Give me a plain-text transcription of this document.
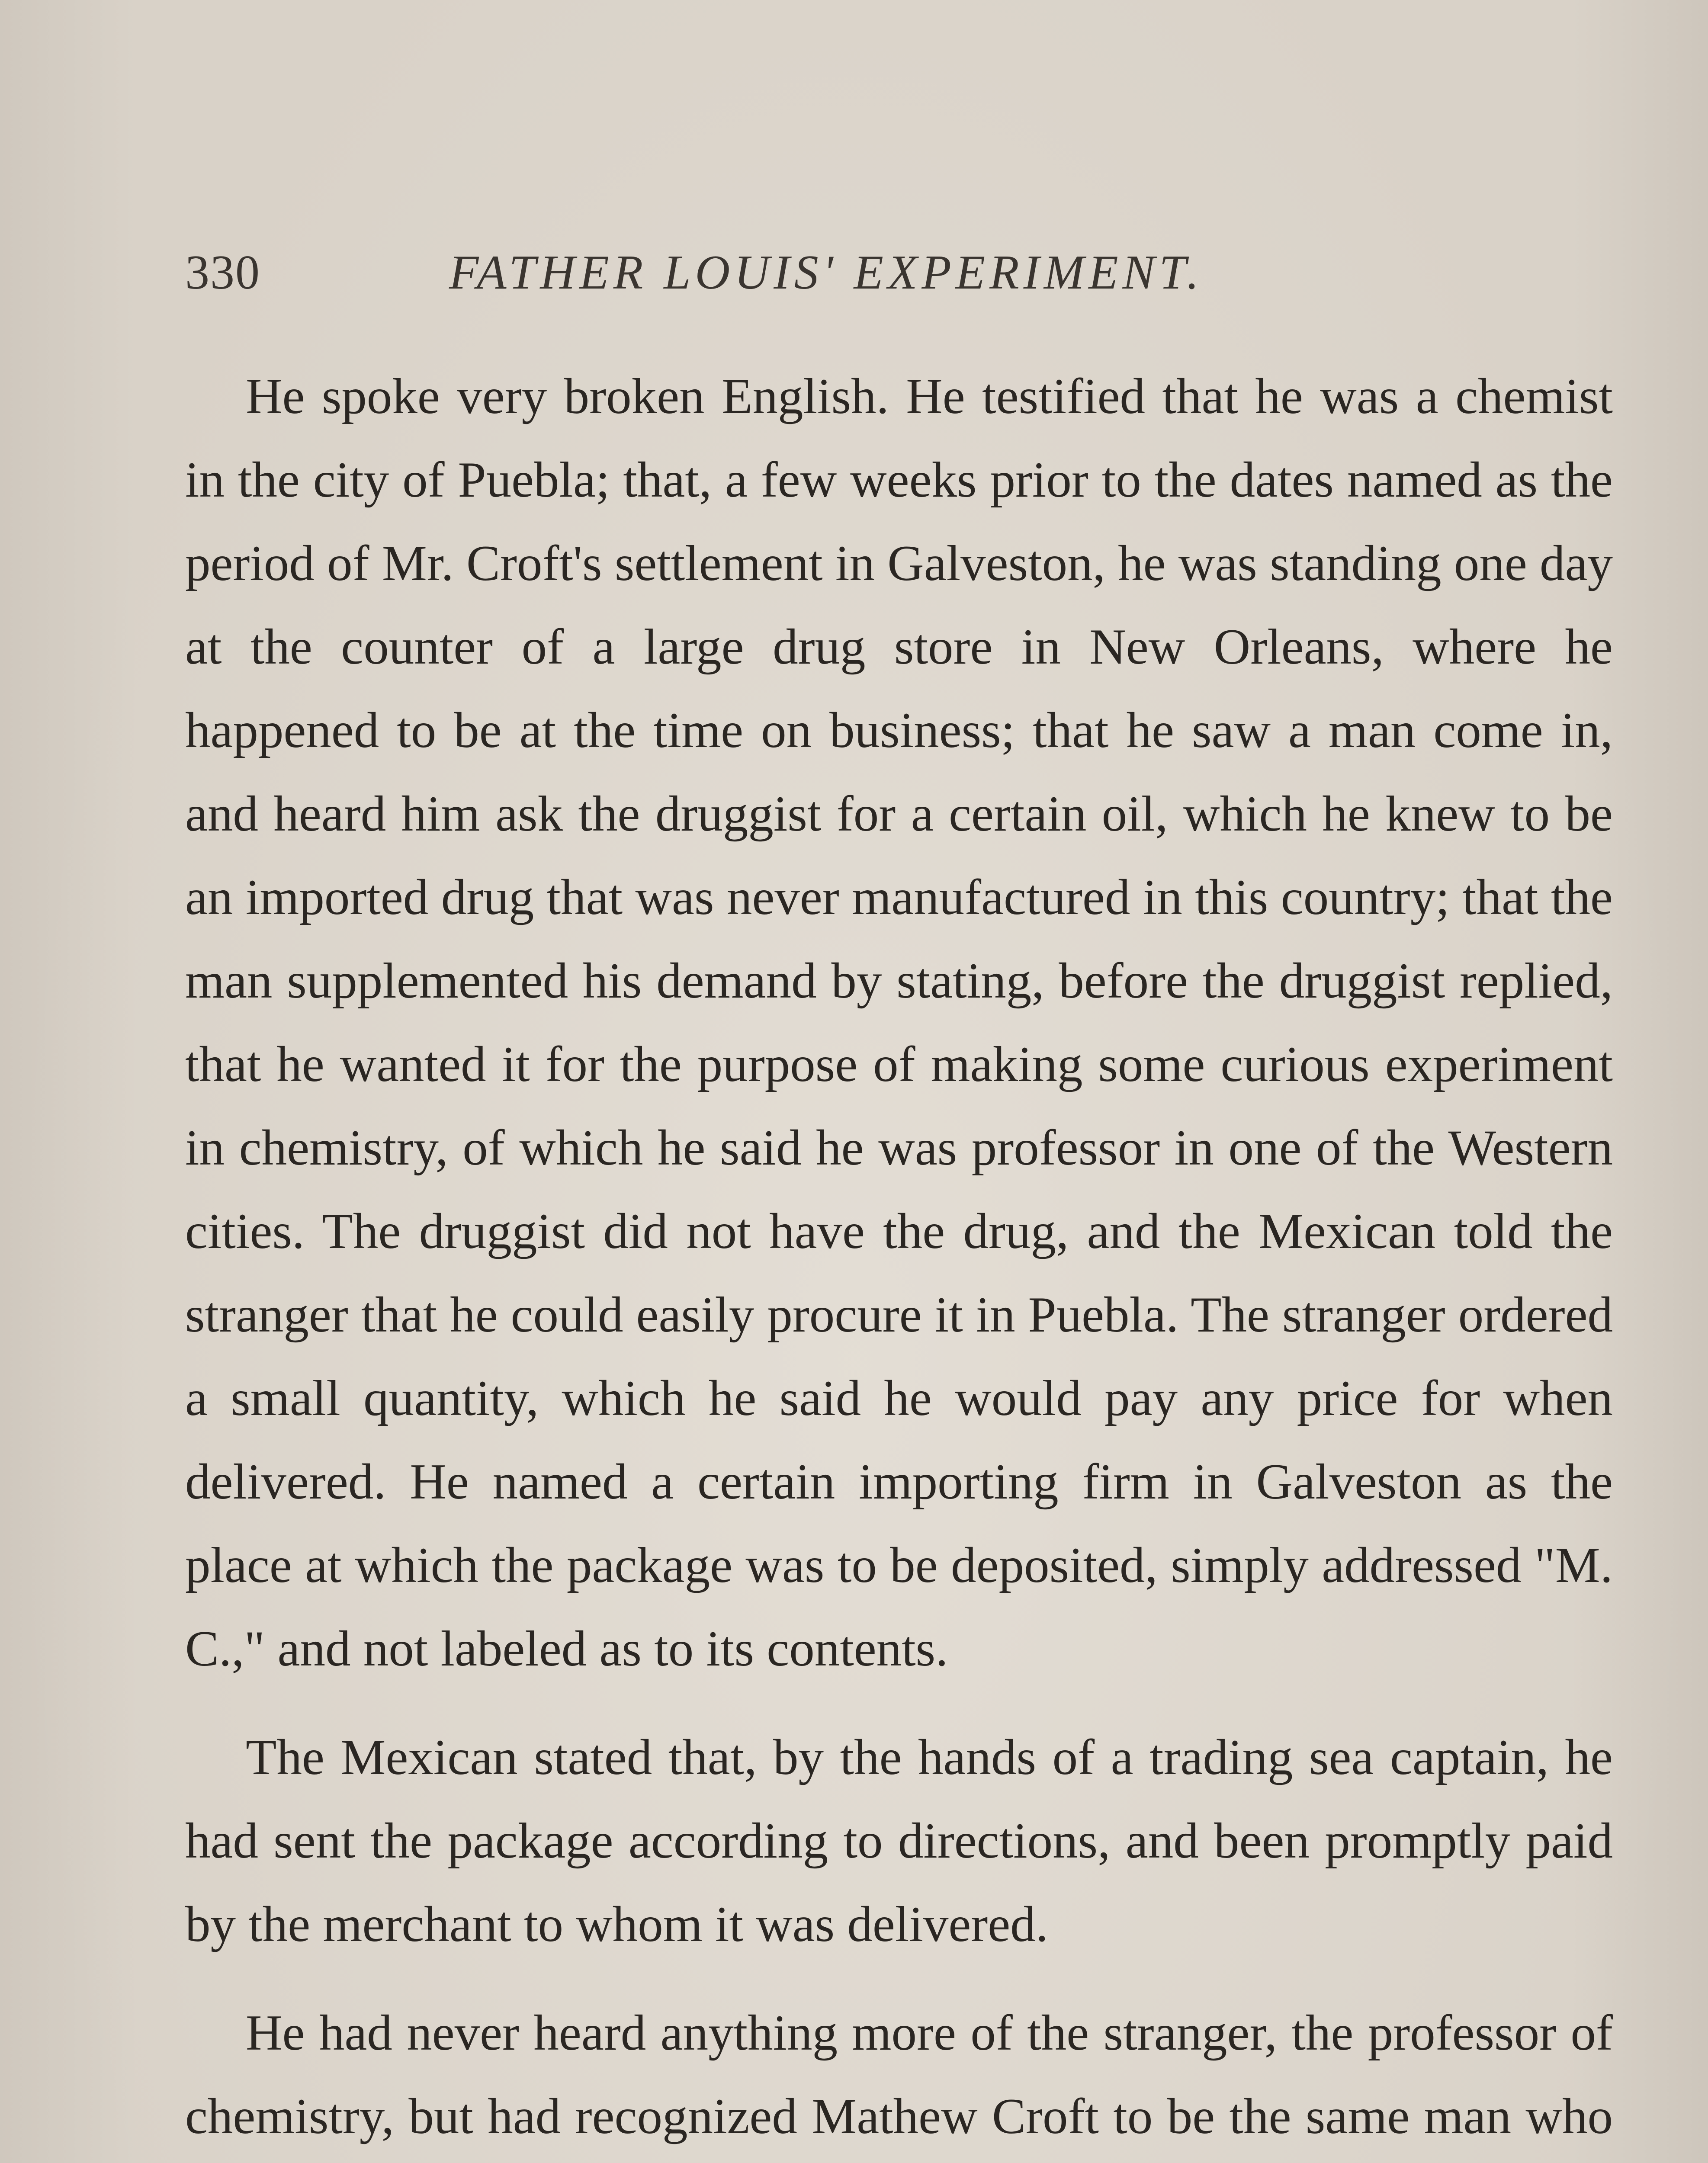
330	FATHER LOUIS' EXPERIMENT.

He spoke very broken English. He testified that he was a chemist in the city of Puebla; that, a few weeks prior to the dates named as the period of Mr. Croft's settlement in Galveston, he was standing one day at the counter of a large drug store in New Orleans, where he happened to be at the time on business; that he saw a man come in, and heard him ask the druggist for a certain oil, which he knew to be an imported drug that was never manufactured in this country; that the man supplemented his demand by stating, before the druggist replied, that he wanted it for the purpose of making some curious experiment in chemistry, of which he said he was professor in one of the Western cities. The druggist did not have the drug, and the Mexican told the stranger that he could easily procure it in Puebla. The stranger ordered a small quantity, which he said he would pay any price for when delivered. He named a certain importing firm in Galveston as the place at which the package was to be deposited, simply addressed "M. C.," and not labeled as to its contents.

The Mexican stated that, by the hands of a trading sea captain, he had sent the package according to directions, and been promptly paid by the merchant to whom it was delivered.

He had never heard anything more of the stranger, the professor of chemistry, but had recognized Mathew Croft to be the same man who
